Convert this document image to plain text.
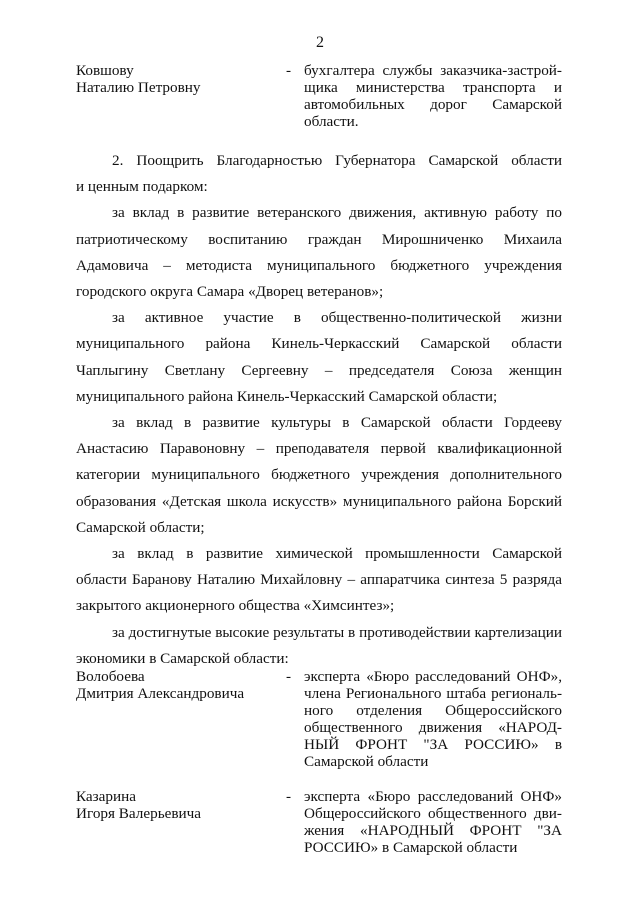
2
Ковшову
Наталию Петровну
- бухгалтера службы заказчика-застрой-
щика министерства транспорта и
автомобильных дорог Самарской
области.
2. Поощрить Благодарностью Губернатора Самарской области
и ценным подарком:
за вклад в развитие ветеранского движения, активную работу по
патриотическому воспитанию граждан Мирошниченко Михаила
Адамовича – методиста муниципального бюджетного учреждения
городского округа Самара «Дворец ветеранов»;
за активное участие в общественно-политической жизни
муниципального района Кинель-Черкасский Самарской области
Чаплыгину Светлану Сергеевну – председателя Союза женщин
муниципального района Кинель-Черкасский Самарской области;
за вклад в развитие культуры в Самарской области Гордееву
Анастасию Паравоновну – преподавателя первой квалификационной
категории муниципального бюджетного учреждения дополнительного
образования «Детская школа искусств» муниципального района Борский
Самарской области;
за вклад в развитие химической промышленности Самарской
области Баранову Наталию Михайловну – аппаратчика синтеза 5 разряда
закрытого акционерного общества «Химсинтез»;
за достигнутые высокие результаты в противодействии картелизации
экономики в Самарской области:
Волобоева
Дмитрия Александровича
- эксперта «Бюро расследований ОНФ»,
члена Регионального штаба региональ-
ного отделения Общероссийского
общественного движения «НАРОД-
НЫЙ ФРОНТ "ЗА РОССИЮ» в
Самарской области
Казарина
Игоря Валерьевича
- эксперта «Бюро расследований ОНФ»
Общероссийского общественного дви-
жения «НАРОДНЫЙ ФРОНТ "ЗА
РОССИЮ» в Самарской области
